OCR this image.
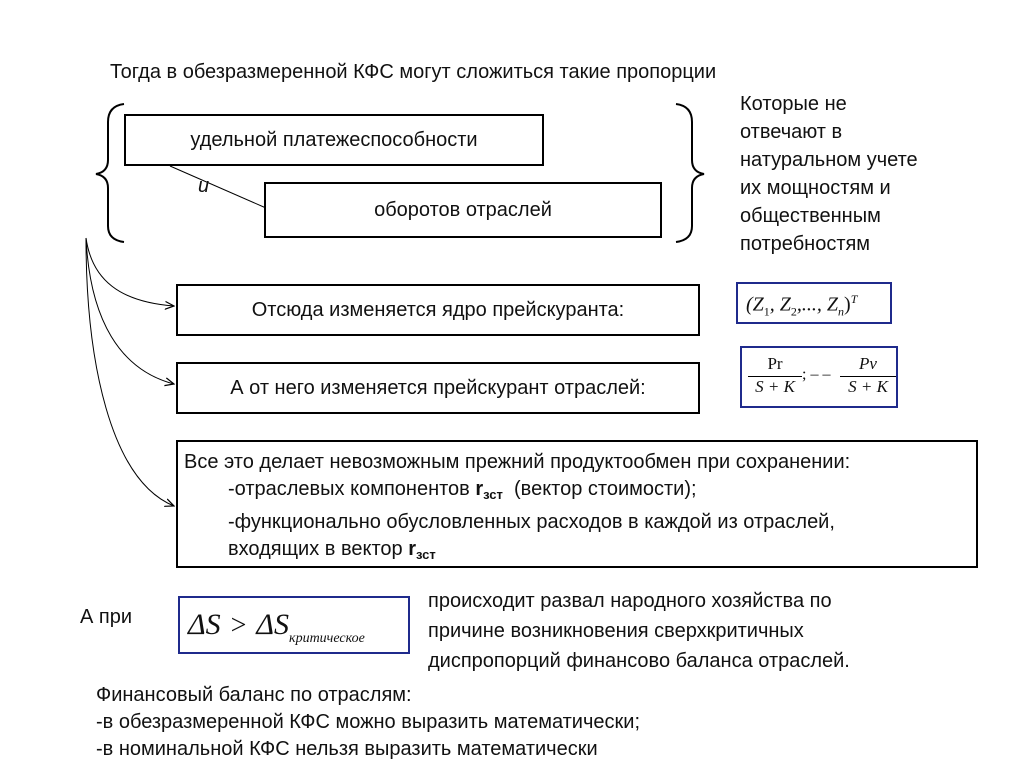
Тогда в обезразмеренной КФС могут сложиться такие пропорции
удельной платежеспособности
и
оборотов отраслей
Которые не
отвечают в
натуральном учете
их мощностям и
общественным
потребностям
Отсюда изменяется ядро прейскуранта:	($Z_1$, $Z_2$,..., $Z_n)^T$
А от него изменяется прейскурант отраслей:
Pr
S + K
; – –
Pv
S + K
Все это делает невозможным прежний продуктообмен при сохранении:
-отраслевых компонентов $r_{зст}$  (вектор стоимости);
-функционально обусловленных расходов в каждой из отраслей,
входящих в вектор $r_{зст}$
А при	ΔS > ΔSкритическое
происходит развал народного хозяйства по
причине возникновения сверхкритичных
диспропорций финансово баланса отраслей.
Финансовый баланс по отраслям:
-в обезразмеренной КФС можно выразить математически;
-в номинальной КФС нельзя выразить математически
